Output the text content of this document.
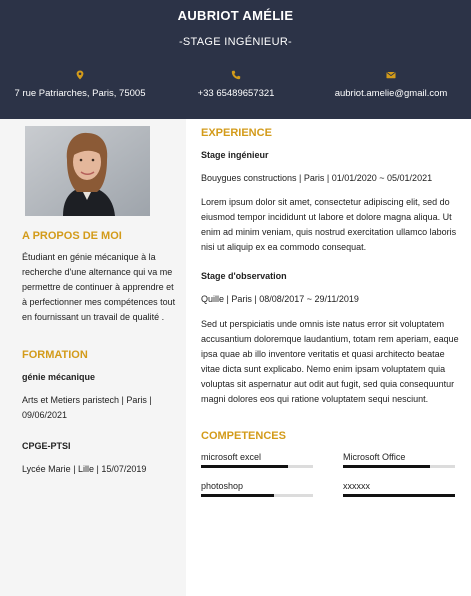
AUBRIOT AMÉLIE
-STAGE INGÉNIEUR-
7 rue Patriarches, Paris, 75005	+33 65489657321	aubriot.amelie@gmail.com
A PROPOS DE MOI
Étudiant en génie mécanique à la recherche d'une alternance qui va me permettre de continuer à apprendre et à perfectionner mes compétences tout en fournissant un travail de qualité .
FORMATION
génie mécanique
Arts et Metiers paristech | Paris | 09/06/2021
CPGE-PTSI
Lycée Marie | Lille | 15/07/2019
EXPERIENCE
Stage ingénieur
Bouygues constructions | Paris | 01/01/2020 ~ 05/01/2021
Lorem ipsum dolor sit amet, consectetur adipiscing elit, sed do eiusmod tempor incididunt ut labore et dolore magna aliqua. Ut enim ad minim veniam, quis nostrud exercitation ullamco laboris nisi ut aliquip ex ea commodo consequat.
Stage d'observation
Quille | Paris | 08/08/2017 ~ 29/11/2019
Sed ut perspiciatis unde omnis iste natus error sit voluptatem accusantium doloremque laudantium, totam rem aperiam, eaque ipsa quae ab illo inventore veritatis et quasi architecto beatae vitae dicta sunt explicabo. Nemo enim ipsam voluptatem quia voluptas sit aspernatur aut odit aut fugit, sed quia consequuntur magni dolores eos qui ratione voluptatem sequi nesciunt.
COMPETENCES
microsoft excel	Microsoft Office
photoshop	xxxxxx
